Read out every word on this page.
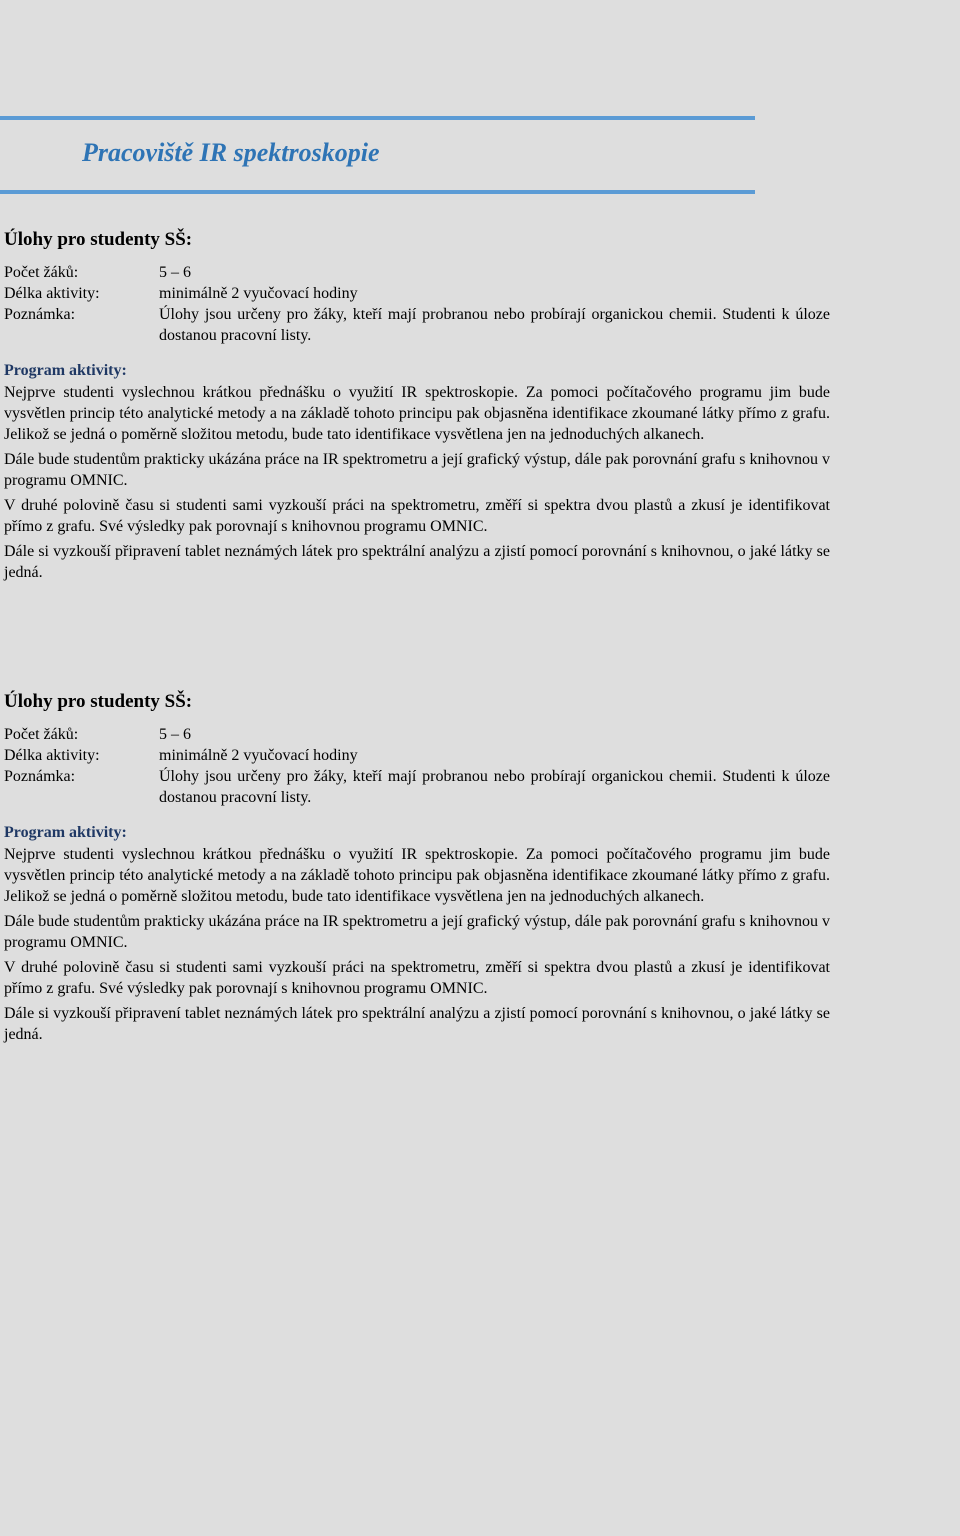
Pracoviště IR spektroskopie
Úlohy pro studenty SŠ:
Počet žáků:	5 – 6
Délka aktivity:	minimálně 2 vyučovací hodiny
Poznámka:	Úlohy jsou určeny pro žáky, kteří mají probranou nebo probírají organickou chemii. Studenti k úloze dostanou pracovní listy.
Program aktivity:

Nejprve studenti vyslechnou krátkou přednášku o využití IR spektroskopie. Za pomoci počítačového programu jim bude vysvětlen princip této analytické metody a na základě tohoto principu pak objasněna identifikace zkoumané látky přímo z grafu. Jelikož se jedná o poměrně složitou metodu, bude tato identifikace vysvětlena jen na jednoduchých alkanech.

Dále bude studentům prakticky ukázána práce na IR spektrometru a její grafický výstup, dále pak porovnání grafu s knihovnou v programu OMNIC.

V druhé polovině času si studenti sami vyzkouší práci na spektrometru, změří si spektra dvou plastů a zkusí je identifikovat přímo z grafu. Své výsledky pak porovnají s knihovnou programu OMNIC.

Dále si vyzkouší připravení tablet neznámých látek pro spektrální analýzu a zjistí pomocí porovnání s knihovnou, o jaké látky se jedná.

Úlohy pro studenty SŠ:
Počet žáků:	5 – 6
Délka aktivity:	minimálně 2 vyučovací hodiny
Poznámka:	Úlohy jsou určeny pro žáky, kteří mají probranou nebo probírají organickou chemii. Studenti k úloze dostanou pracovní listy.
Program aktivity:

Nejprve studenti vyslechnou krátkou přednášku o využití IR spektroskopie. Za pomoci počítačového programu jim bude vysvětlen princip této analytické metody a na základě tohoto principu pak objasněna identifikace zkoumané látky přímo z grafu. Jelikož se jedná o poměrně složitou metodu, bude tato identifikace vysvětlena jen na jednoduchých alkanech.

Dále bude studentům prakticky ukázána práce na IR spektrometru a její grafický výstup, dále pak porovnání grafu s knihovnou v programu OMNIC.

V druhé polovině času si studenti sami vyzkouší práci na spektrometru, změří si spektra dvou plastů a zkusí je identifikovat přímo z grafu. Své výsledky pak porovnají s knihovnou programu OMNIC.

Dále si vyzkouší připravení tablet neznámých látek pro spektrální analýzu a zjistí pomocí porovnání s knihovnou, o jaké látky se jedná.
